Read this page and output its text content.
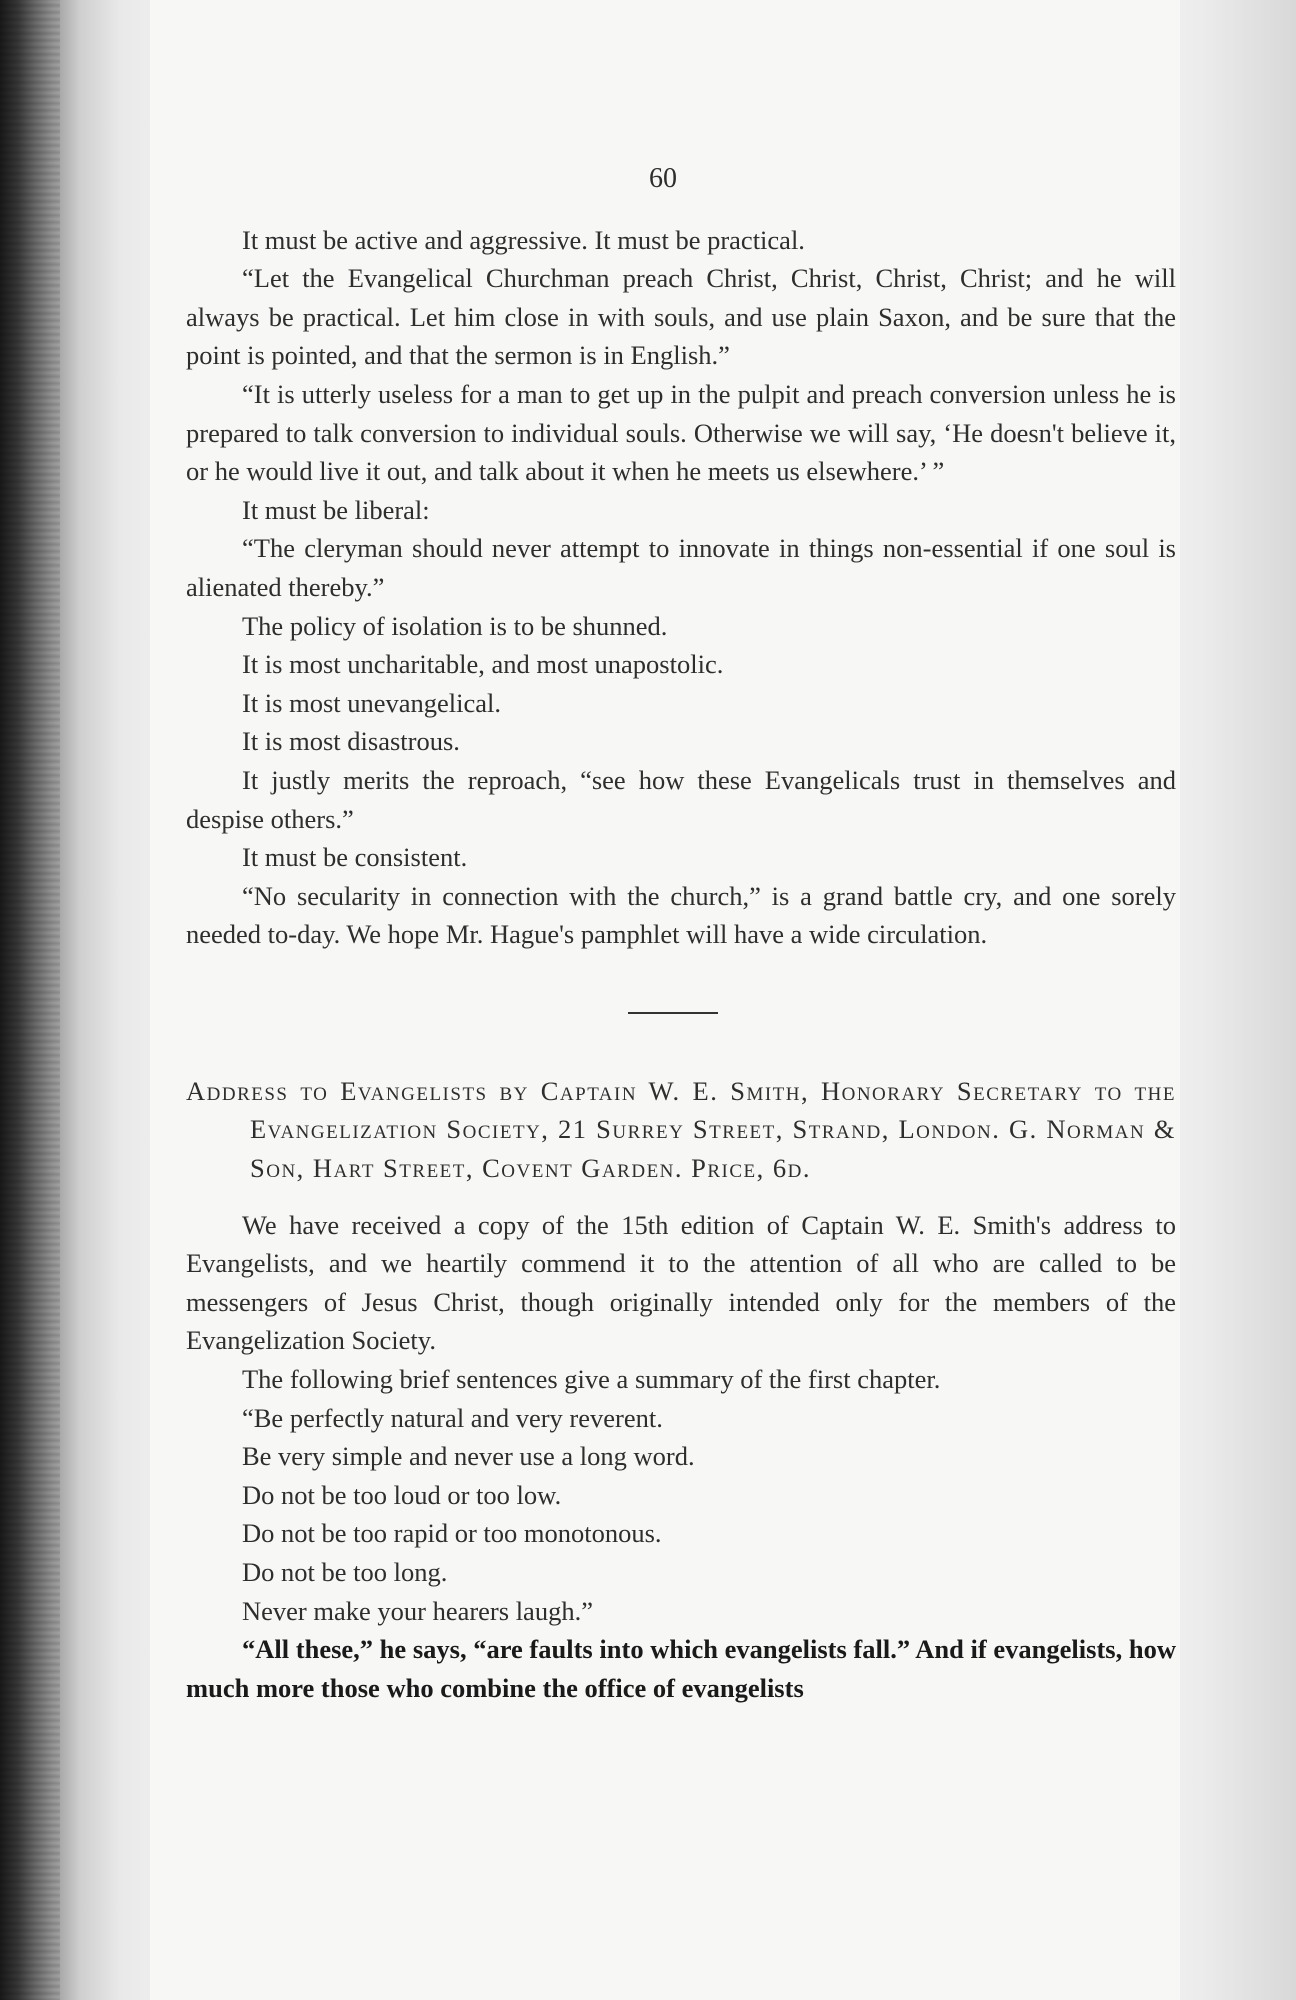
60

It must be active and aggressive. It must be practical.

“Let the Evangelical Churchman preach Christ, Christ, Christ, Christ; and he will always be practical. Let him close in with souls, and use plain Saxon, and be sure that the point is pointed, and that the sermon is in English.”

“It is utterly useless for a man to get up in the pulpit and preach conversion unless he is prepared to talk conversion to individual souls. Otherwise we will say, ‘He doesn't believe it, or he would live it out, and talk about it when he meets us elsewhere.’ ”

It must be liberal:

“The cleryman should never attempt to innovate in things non-essential if one soul is alienated thereby.”

The policy of isolation is to be shunned.

It is most uncharitable, and most unapostolic.

It is most unevangelical.

It is most disastrous.

It justly merits the reproach, “see how these Evangelicals trust in themselves and despise others.”

It must be consistent.

“No secularity in connection with the church,” is a grand battle cry, and one sorely needed to-day. We hope Mr. Hague's pamphlet will have a wide circulation.

Address to Evangelists by Captain W. E. Smith, Honorary Secretary to the Evangelization Society, 21 Surrey Street, Strand, London. G. Norman & Son, Hart Street, Covent Garden. Price, 6d.

We have received a copy of the 15th edition of Captain W. E. Smith's address to Evangelists, and we heartily commend it to the attention of all who are called to be messengers of Jesus Christ, though originally intended only for the members of the Evangelization Society.

The following brief sentences give a summary of the first chapter.

“Be perfectly natural and very reverent.

Be very simple and never use a long word.

Do not be too loud or too low.

Do not be too rapid or too monotonous.

Do not be too long.

Never make your hearers laugh.”

“All these,” he says, “are faults into which evangelists fall.” And if evangelists, how much more those who combine the office of evangelists
